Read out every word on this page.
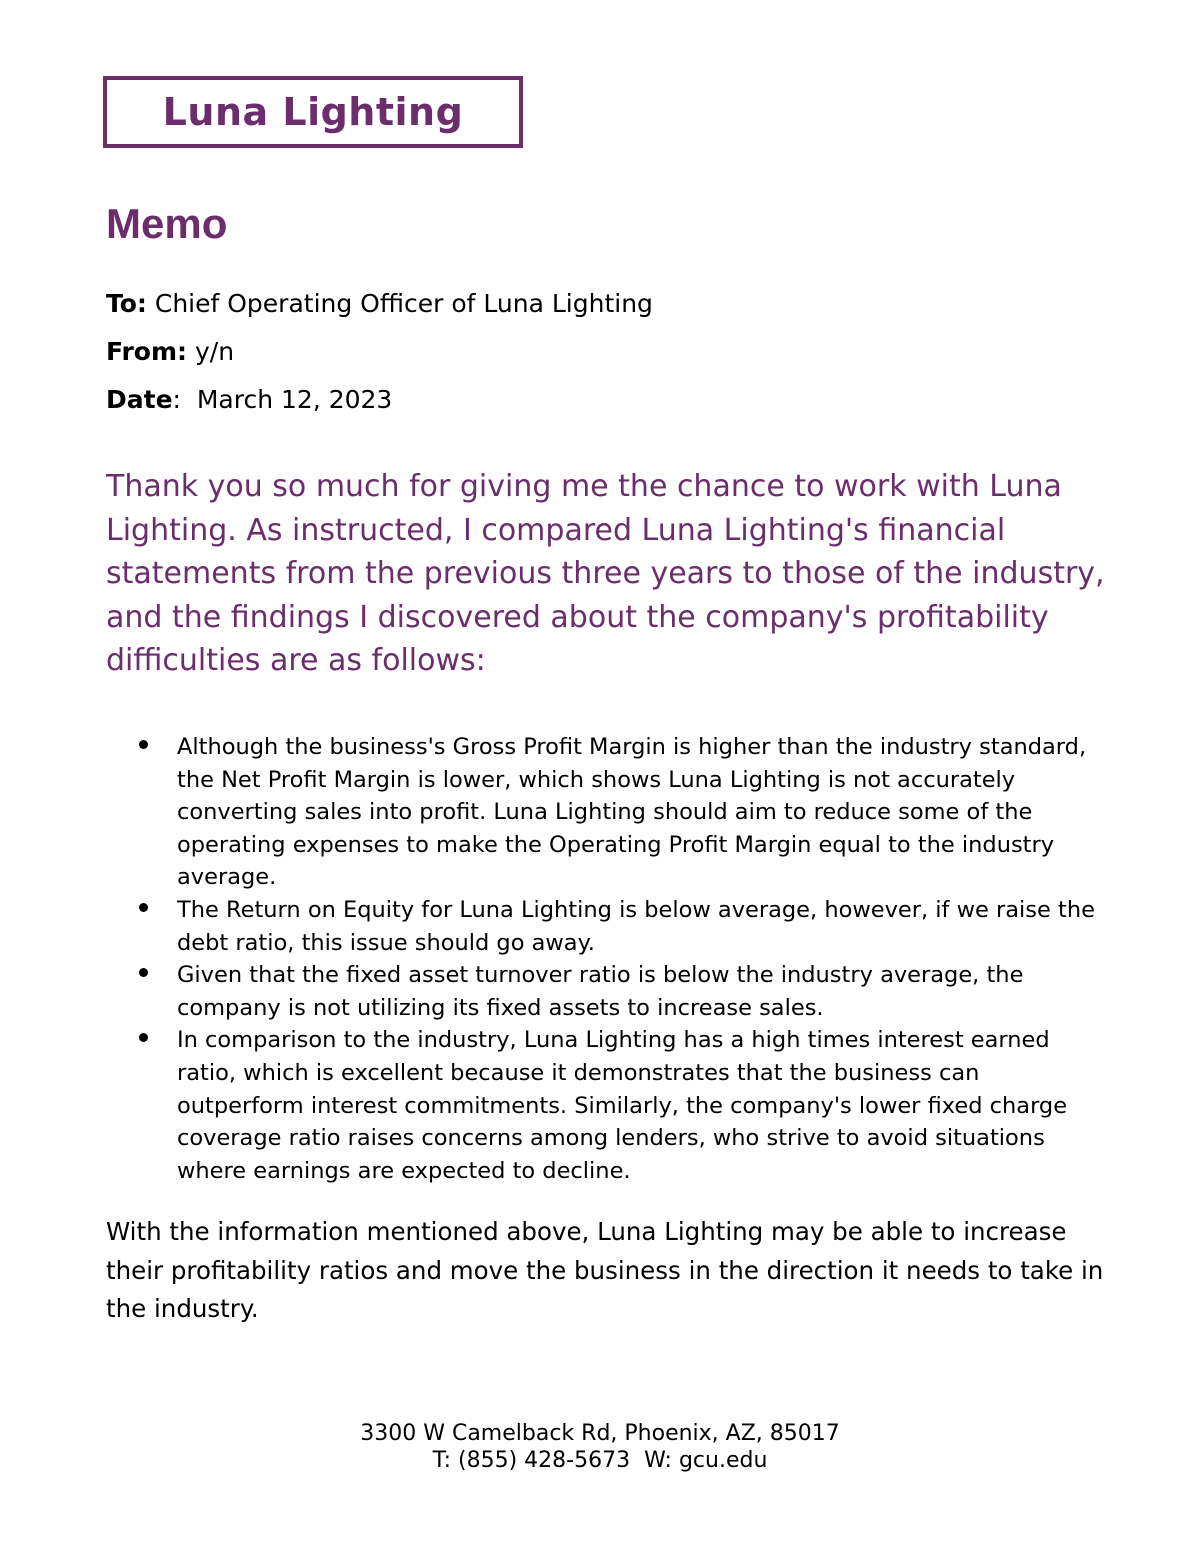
Luna Lighting
Memo

To: Chief Operating Officer of Luna Lighting

From: y/n

Date:  March 12, 2023

Thank you so much for giving me the chance to work with Luna Lighting. As instructed, I compared Luna Lighting's financial statements from the previous three years to those of the industry, and the findings I discovered about the company's profitability difficulties are as follows:

Although the business's Gross Profit Margin is higher than the industry standard, the Net Profit Margin is lower, which shows Luna Lighting is not accurately converting sales into profit. Luna Lighting should aim to reduce some of the operating expenses to make the Operating Profit Margin equal to the industry average.
The Return on Equity for Luna Lighting is below average, however, if we raise the debt ratio, this issue should go away.
Given that the fixed asset turnover ratio is below the industry average, the company is not utilizing its fixed assets to increase sales.
In comparison to the industry, Luna Lighting has a high times interest earned ratio, which is excellent because it demonstrates that the business can outperform interest commitments. Similarly, the company's lower fixed charge coverage ratio raises concerns among lenders, who strive to avoid situations where earnings are expected to decline.

With the information mentioned above, Luna Lighting may be able to increase their profitability ratios and move the business in the direction it needs to take in the industry.

3300 W Camelback Rd, Phoenix, AZ, 85017
T: (855) 428-5673  W: gcu.edu
